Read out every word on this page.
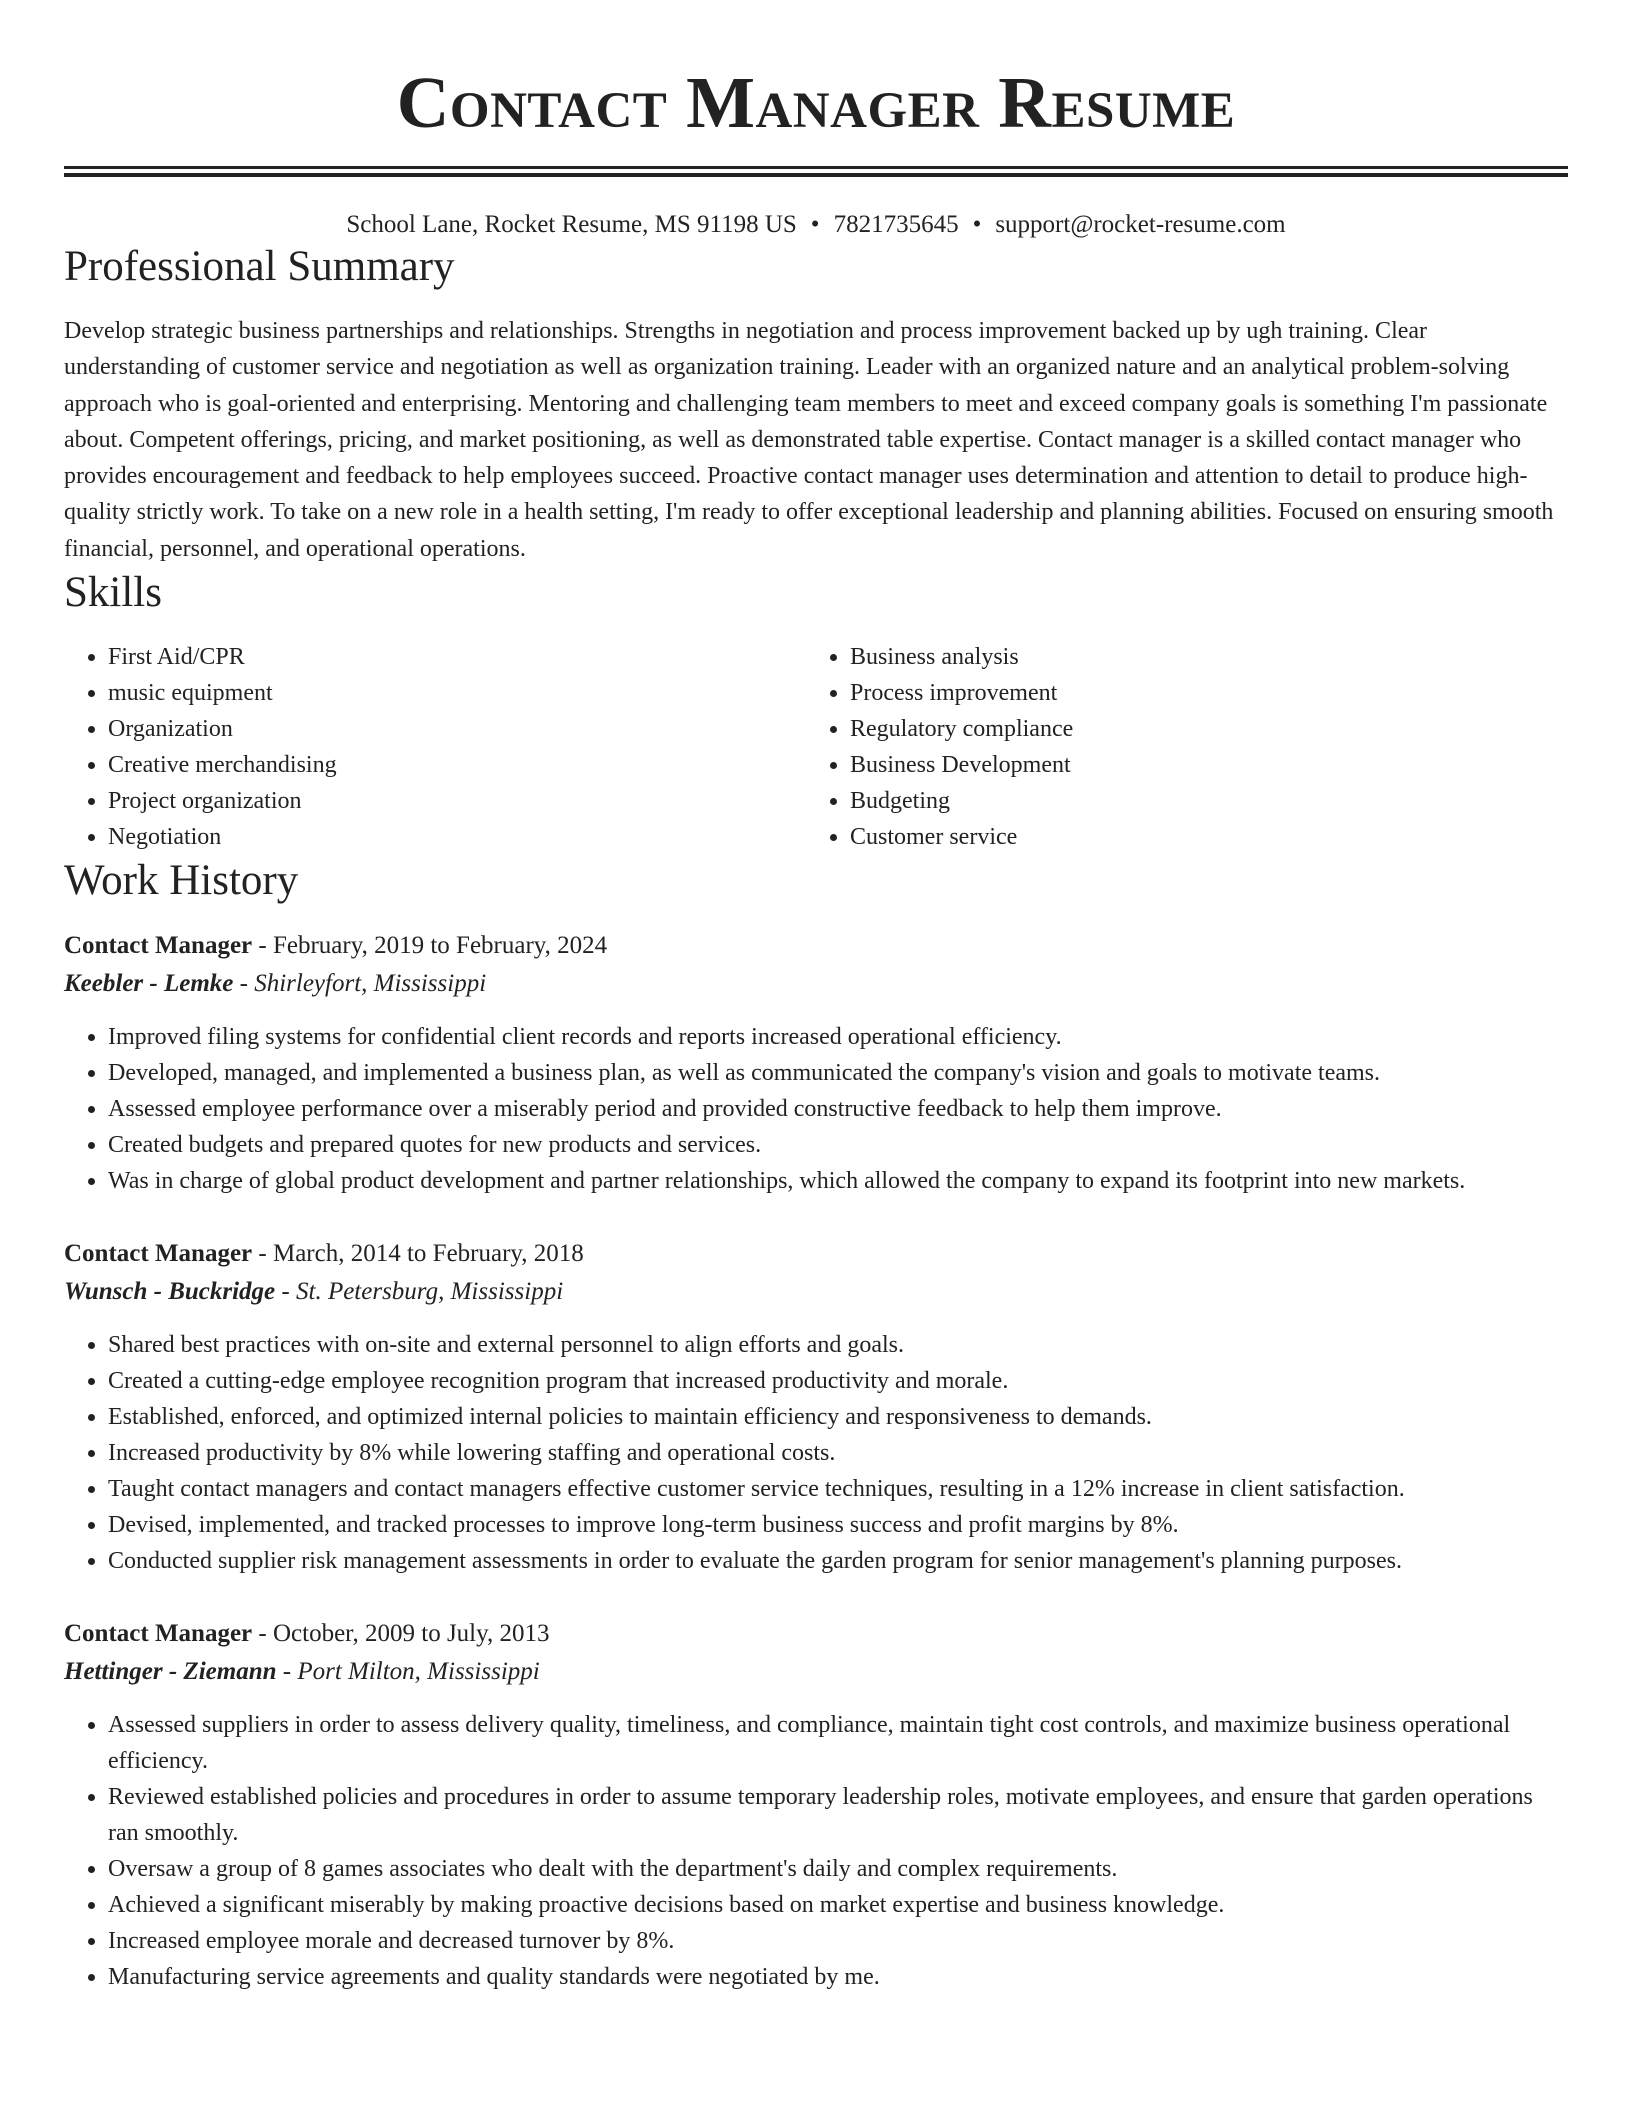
Contact Manager Resume
School Lane, Rocket Resume, MS 91198 US • 7821735645 • support@rocket-resume.com
Professional Summary

Develop strategic business partnerships and relationships. Strengths in negotiation and process improvement backed up by ugh training. Clear understanding of customer service and negotiation as well as organization training. Leader with an organized nature and an analytical problem-solving approach who is goal-oriented and enterprising. Mentoring and challenging team members to meet and exceed company goals is something I'm passionate about. Competent offerings, pricing, and market positioning, as well as demonstrated table expertise. Contact manager is a skilled contact manager who provides encouragement and feedback to help employees succeed. Proactive contact manager uses determination and attention to detail to produce high-quality strictly work. To take on a new role in a health setting, I'm ready to offer exceptional leadership and planning abilities. Focused on ensuring smooth financial, personnel, and operational operations.

Skills
• First Aid/CPR
• music equipment
• Organization
• Creative merchandising
• Project organization
• Negotiation
• Business analysis
• Process improvement
• Regulatory compliance
• Business Development
• Budgeting
• Customer service
Work History
Contact Manager - February, 2019 to February, 2024
Keebler - Lemke - Shirleyfort, Mississippi
• Improved filing systems for confidential client records and reports increased operational efficiency.
• Developed, managed, and implemented a business plan, as well as communicated the company's vision and goals to motivate teams.
• Assessed employee performance over a miserably period and provided constructive feedback to help them improve.
• Created budgets and prepared quotes for new products and services.
• Was in charge of global product development and partner relationships, which allowed the company to expand its footprint into new markets.
Contact Manager - March, 2014 to February, 2018
Wunsch - Buckridge - St. Petersburg, Mississippi
• Shared best practices with on-site and external personnel to align efforts and goals.
• Created a cutting-edge employee recognition program that increased productivity and morale.
• Established, enforced, and optimized internal policies to maintain efficiency and responsiveness to demands.
• Increased productivity by 8% while lowering staffing and operational costs.
• Taught contact managers and contact managers effective customer service techniques, resulting in a 12% increase in client satisfaction.
• Devised, implemented, and tracked processes to improve long-term business success and profit margins by 8%.
• Conducted supplier risk management assessments in order to evaluate the garden program for senior management's planning purposes.
Contact Manager - October, 2009 to July, 2013
Hettinger - Ziemann - Port Milton, Mississippi
• Assessed suppliers in order to assess delivery quality, timeliness, and compliance, maintain tight cost controls, and maximize business operational efficiency.
• Reviewed established policies and procedures in order to assume temporary leadership roles, motivate employees, and ensure that garden operations ran smoothly.
• Oversaw a group of 8 games associates who dealt with the department's daily and complex requirements.
• Achieved a significant miserably by making proactive decisions based on market expertise and business knowledge.
• Increased employee morale and decreased turnover by 8%.
• Manufacturing service agreements and quality standards were negotiated by me.
